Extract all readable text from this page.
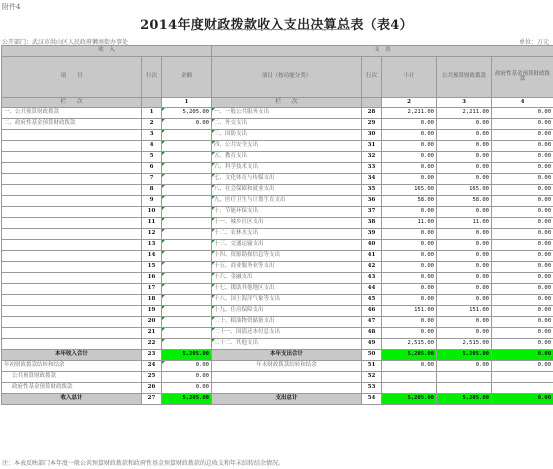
附件4
2014年度财政拨款收入支出决算总表（表4）
公开部门：武汉市洪山区人民政府狮南街办事处	单位：万元
收　入			支　出				
项　　目	行次	金额	项目（按功能分类）	行次	小计	公共预算财政拨款	政府性基金预算财政拨款
栏　　次		1	栏　　次		2	3	4
一、公共预算财政拨款	1	5,205.00	一、一般公共服务支出	28	2,211.00	2,211.00	0.00
二、政府性基金预算财政拨款	2	0.00	二、外交支出	29	0.00	0.00	0.00
	3		三、国防支出	30	0.00	0.00	0.00
	4		四、公共安全支出	31	0.00	0.00	0.00
	5		五、教育支出	32	0.00	0.00	0.00
	6		六、科学技术支出	33	0.00	0.00	0.00
	7		七、文化体育与传媒支出	34	0.00	0.00	0.00
	8		八、社会保障和就业支出	35	165.00	165.00	0.00
	9		九、医疗卫生与计划生育支出	36	58.00	58.00	0.00
	10		十、节能环保支出	37	0.00	0.00	0.00
	11		十一、城乡社区支出	38	11.00	11.00	0.00
	12		十二、农林水支出	39	0.00	0.00	0.00
	13		十三、交通运输支出	40	0.00	0.00	0.00
	14		十四、资源勘探信息等支出	41	0.00	0.00	0.00
	15		十五、商业服务业等支出	42	0.00	0.00	0.00
	16		十六、金融支出	43	0.00	0.00	0.00
	17		十七、援助其他地区支出	44	0.00	0.00	0.00
	18		十八、国土海洋气象等支出	45	0.00	0.00	0.00
	19		十九、住房保障支出	46	151.00	151.00	0.00
	20		二十、粮油物资储备支出	47	0.00	0.00	0.00
	21		二十一、国债还本付息支出	48	0.00	0.00	0.00
	22		二十二、其他支出	49	2,515.00	2,515.00	0.00
本年收入合计	23	5,205.00	本年支出合计	50	5,205.00	5,205.00	0.00
年初财政拨款结转和结余	24	0.00	年末财政拨款结转和结余	51	0.00	0.00	0.00
公共预算财政拨款	25	0.00		52			
政府性基金预算财政拨款	26	0.00		53			
收入总计	27	5,205.00	支出总计	54	5,205.00	5,205.00	0.00
注：本表反映部门本年度一般公共预算财政拨款和政府性基金预算财政拨款的总收支和年末结转结余情况。
